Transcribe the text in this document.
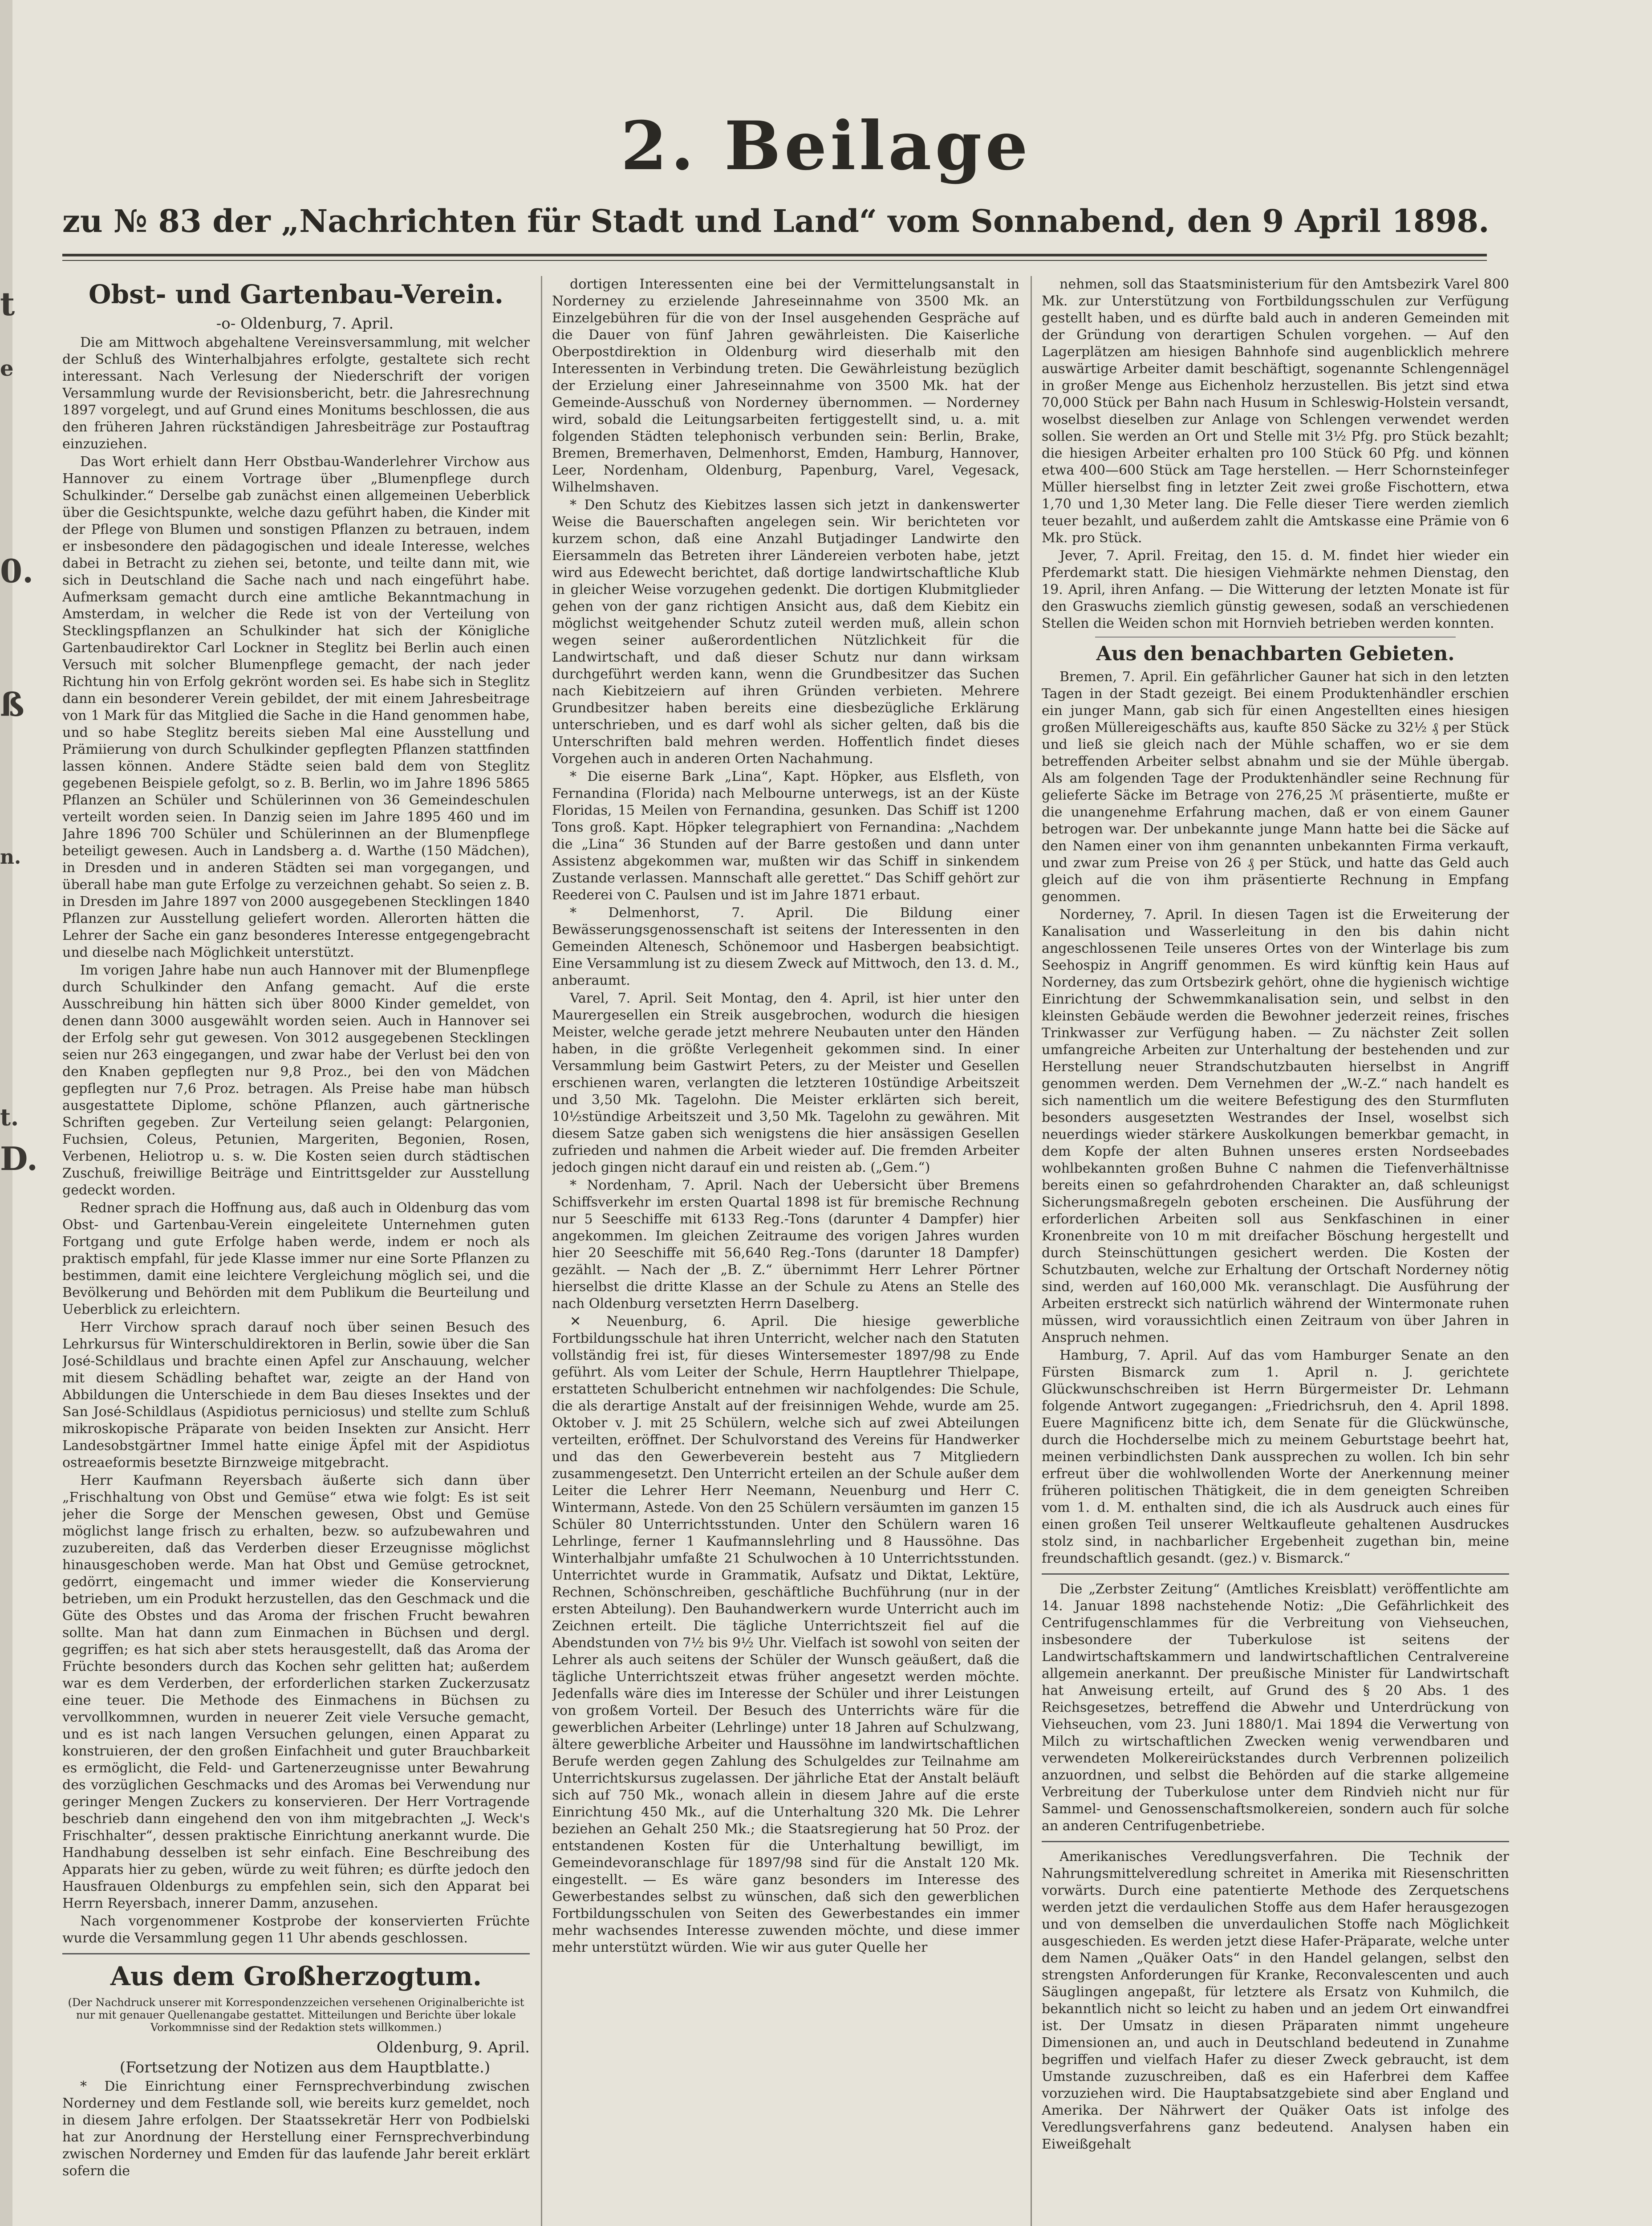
t
e
0.
ß
n.
t.
D.
2. Beilage
zu № 83 der „Nachrichten für Stadt und Land“ vom Sonnabend, den 9 April 1898.
Obst- und Gartenbau-Verein.

-o- Oldenburg, 7. April.

Die am Mittwoch abgehaltene Vereinsversammlung, mit welcher der Schluß des Winterhalbjahres erfolgte, gestaltete sich recht interessant. Nach Verlesung der Niederschrift der vorigen Versammlung wurde der Revisionsbericht, betr. die Jahresrechnung 1897 vorgelegt, und auf Grund eines Monitums beschlossen, die aus den früheren Jahren rückständigen Jahresbeiträge zur Postauftrag einzuziehen.

Das Wort erhielt dann Herr Obstbau-Wanderlehrer Virchow aus Hannover zu einem Vortrage über „Blumenpflege durch Schulkinder.“ Derselbe gab zunächst einen allgemeinen Ueberblick über die Gesichtspunkte, welche dazu geführt haben, die Kinder mit der Pflege von Blumen und sonstigen Pflanzen zu betrauen, indem er insbesondere den pädagogischen und ideale Interesse, welches dabei in Betracht zu ziehen sei, betonte, und teilte dann mit, wie sich in Deutschland die Sache nach und nach eingeführt habe. Aufmerksam gemacht durch eine amtliche Bekanntmachung in Amsterdam, in welcher die Rede ist von der Verteilung von Stecklingspflanzen an Schulkinder hat sich der Königliche Gartenbaudirektor Carl Lockner in Steglitz bei Berlin auch einen Versuch mit solcher Blumenpflege gemacht, der nach jeder Richtung hin von Erfolg gekrönt worden sei. Es habe sich in Steglitz dann ein besonderer Verein gebildet, der mit einem Jahresbeitrage von 1 Mark für das Mitglied die Sache in die Hand genommen habe, und so habe Steglitz bereits sieben Mal eine Ausstellung und Prämiierung von durch Schulkinder gepflegten Pflanzen stattfinden lassen können. Andere Städte seien bald dem von Steglitz gegebenen Beispiele gefolgt, so z. B. Berlin, wo im Jahre 1896 5865 Pflanzen an Schüler und Schülerinnen von 36 Gemeindeschulen verteilt worden seien. In Danzig seien im Jahre 1895 460 und im Jahre 1896 700 Schüler und Schülerinnen an der Blumenpflege beteiligt gewesen. Auch in Landsberg a. d. Warthe (150 Mädchen), in Dresden und in anderen Städten sei man vorgegangen, und überall habe man gute Erfolge zu verzeichnen gehabt. So seien z. B. in Dresden im Jahre 1897 von 2000 ausgegebenen Stecklingen 1840 Pflanzen zur Ausstellung geliefert worden. Allerorten hätten die Lehrer der Sache ein ganz besonderes Interesse entgegengebracht und dieselbe nach Möglichkeit unterstützt.

Im vorigen Jahre habe nun auch Hannover mit der Blumenpflege durch Schulkinder den Anfang gemacht. Auf die erste Ausschreibung hin hätten sich über 8000 Kinder gemeldet, von denen dann 3000 ausgewählt worden seien. Auch in Hannover sei der Erfolg sehr gut gewesen. Von 3012 ausgegebenen Stecklingen seien nur 263 eingegangen, und zwar habe der Verlust bei den von den Knaben gepflegten nur 9,8 Proz., bei den von Mädchen gepflegten nur 7,6 Proz. betragen. Als Preise habe man hübsch ausgestattete Diplome, schöne Pflanzen, auch gärtnerische Schriften gegeben. Zur Verteilung seien gelangt: Pelargonien, Fuchsien, Coleus, Petunien, Margeriten, Begonien, Rosen, Verbenen, Heliotrop u. s. w. Die Kosten seien durch städtischen Zuschuß, freiwillige Beiträge und Eintrittsgelder zur Ausstellung gedeckt worden.

Redner sprach die Hoffnung aus, daß auch in Oldenburg das vom Obst- und Gartenbau-Verein eingeleitete Unternehmen guten Fortgang und gute Erfolge haben werde, indem er noch als praktisch empfahl, für jede Klasse immer nur eine Sorte Pflanzen zu bestimmen, damit eine leichtere Vergleichung möglich sei, und die Bevölkerung und Behörden mit dem Publikum die Beurteilung und Ueberblick zu erleichtern.

Herr Virchow sprach darauf noch über seinen Besuch des Lehrkursus für Winterschuldirektoren in Berlin, sowie über die San José-Schildlaus und brachte einen Apfel zur Anschauung, welcher mit diesem Schädling behaftet war, zeigte an der Hand von Abbildungen die Unterschiede in dem Bau dieses Insektes und der San José-Schildlaus (Aspidiotus perniciosus) und stellte zum Schluß mikroskopische Präparate von beiden Insekten zur Ansicht. Herr Landesobstgärtner Immel hatte einige Äpfel mit der Aspidiotus ostreaeformis besetzte Birnzweige mitgebracht.

Herr Kaufmann Reyersbach äußerte sich dann über „Frischhaltung von Obst und Gemüse“ etwa wie folgt: Es ist seit jeher die Sorge der Menschen gewesen, Obst und Gemüse möglichst lange frisch zu erhalten, bezw. so aufzubewahren und zuzubereiten, daß das Verderben dieser Erzeugnisse möglichst hinausgeschoben werde. Man hat Obst und Gemüse getrocknet, gedörrt, eingemacht und immer wieder die Konservierung betrieben, um ein Produkt herzustellen, das den Geschmack und die Güte des Obstes und das Aroma der frischen Frucht bewahren sollte. Man hat dann zum Einmachen in Büchsen und dergl. gegriffen; es hat sich aber stets herausgestellt, daß das Aroma der Früchte besonders durch das Kochen sehr gelitten hat; außerdem war es dem Verderben, der erforderlichen starken Zuckerzusatz eine teuer. Die Methode des Einmachens in Büchsen zu vervollkommnen, wurden in neuerer Zeit viele Versuche gemacht, und es ist nach langen Versuchen gelungen, einen Apparat zu konstruieren, der den großen Einfachheit und guter Brauchbarkeit es ermöglicht, die Feld- und Gartenerzeugnisse unter Bewahrung des vorzüglichen Geschmacks und des Aromas bei Verwendung nur geringer Mengen Zuckers zu konservieren. Der Herr Vortragende beschrieb dann eingehend den von ihm mitgebrachten „J. Weck's Frischhalter“, dessen praktische Einrichtung anerkannt wurde. Die Handhabung desselben ist sehr einfach. Eine Beschreibung des Apparats hier zu geben, würde zu weit führen; es dürfte jedoch den Hausfrauen Oldenburgs zu empfehlen sein, sich den Apparat bei Herrn Reyersbach, innerer Damm, anzusehen.

Nach vorgenommener Kostprobe der konservierten Früchte wurde die Versammlung gegen 11 Uhr abends geschlossen.

Aus dem Großherzogtum.
(Der Nachdruck unserer mit Korrespondenzzeichen versehenen Originalberichte ist nur mit genauer Quellenangabe gestattet. Mitteilungen und Berichte über lokale Vorkommnisse sind der Redaktion stets willkommen.)

Oldenburg, 9. April.

(Fortsetzung der Notizen aus dem Hauptblatte.)

* Die Einrichtung einer Fernsprechverbindung zwischen Norderney und dem Festlande soll, wie bereits kurz gemeldet, noch in diesem Jahre erfolgen. Der Staatssekretär Herr von Podbielski hat zur Anordnung der Herstellung einer Fernsprechverbindung zwischen Norderney und Emden für das laufende Jahr bereit erklärt sofern die

dortigen Interessenten eine bei der Vermittelungsanstalt in Norderney zu erzielende Jahreseinnahme von 3500 Mk. an Einzelgebühren für die von der Insel ausgehenden Gespräche auf die Dauer von fünf Jahren gewährleisten. Die Kaiserliche Oberpostdirektion in Oldenburg wird dieserhalb mit den Interessenten in Verbindung treten. Die Gewährleistung bezüglich der Erzielung einer Jahreseinnahme von 3500 Mk. hat der Gemeinde-Ausschuß von Norderney übernommen. — Norderney wird, sobald die Leitungsarbeiten fertiggestellt sind, u. a. mit folgenden Städten telephonisch verbunden sein: Berlin, Brake, Bremen, Bremerhaven, Delmenhorst, Emden, Hamburg, Hannover, Leer, Nordenham, Oldenburg, Papenburg, Varel, Vegesack, Wilhelmshaven.

* Den Schutz des Kiebitzes lassen sich jetzt in dankenswerter Weise die Bauerschaften angelegen sein. Wir berichteten vor kurzem schon, daß eine Anzahl Butjadinger Landwirte den Eiersammeln das Betreten ihrer Ländereien verboten habe, jetzt wird aus Edewecht berichtet, daß dortige landwirtschaftliche Klub in gleicher Weise vorzugehen gedenkt. Die dortigen Klubmitglieder gehen von der ganz richtigen Ansicht aus, daß dem Kiebitz ein möglichst weitgehender Schutz zuteil werden muß, allein schon wegen seiner außerordentlichen Nützlichkeit für die Landwirtschaft, und daß dieser Schutz nur dann wirksam durchgeführt werden kann, wenn die Grundbesitzer das Suchen nach Kiebitzeiern auf ihren Gründen verbieten. Mehrere Grundbesitzer haben bereits eine diesbezügliche Erklärung unterschrieben, und es darf wohl als sicher gelten, daß bis die Unterschriften bald mehren werden. Hoffentlich findet dieses Vorgehen auch in anderen Orten Nachahmung.

* Die eiserne Bark „Lina“, Kapt. Höpker, aus Elsfleth, von Fernandina (Florida) nach Melbourne unterwegs, ist an der Küste Floridas, 15 Meilen von Fernandina, gesunken. Das Schiff ist 1200 Tons groß. Kapt. Höpker telegraphiert von Fernandina: „Nachdem die „Lina“ 36 Stunden auf der Barre gestoßen und dann unter Assistenz abgekommen war, mußten wir das Schiff in sinkendem Zustande verlassen. Mannschaft alle gerettet.“ Das Schiff gehört zur Reederei von C. Paulsen und ist im Jahre 1871 erbaut.

* Delmenhorst, 7. April. Die Bildung einer Bewässerungsgenossenschaft ist seitens der Interessenten in den Gemeinden Altenesch, Schönemoor und Hasbergen beabsichtigt. Eine Versammlung ist zu diesem Zweck auf Mittwoch, den 13. d. M., anberaumt.

Varel, 7. April. Seit Montag, den 4. April, ist hier unter den Maurergesellen ein Streik ausgebrochen, wodurch die hiesigen Meister, welche gerade jetzt mehrere Neubauten unter den Händen haben, in die größte Verlegenheit gekommen sind. In einer Versammlung beim Gastwirt Peters, zu der Meister und Gesellen erschienen waren, verlangten die letzteren 10stündige Arbeitszeit und 3,50 Mk. Tagelohn. Die Meister erklärten sich bereit, 10½stündige Arbeitszeit und 3,50 Mk. Tagelohn zu gewähren. Mit diesem Satze gaben sich wenigstens die hier ansässigen Gesellen zufrieden und nahmen die Arbeit wieder auf. Die fremden Arbeiter jedoch gingen nicht darauf ein und reisten ab. („Gem.“)

* Nordenham, 7. April. Nach der Uebersicht über Bremens Schiffsverkehr im ersten Quartal 1898 ist für bremische Rechnung nur 5 Seeschiffe mit 6133 Reg.-Tons (darunter 4 Dampfer) hier angekommen. Im gleichen Zeitraume des vorigen Jahres wurden hier 20 Seeschiffe mit 56,640 Reg.-Tons (darunter 18 Dampfer) gezählt. — Nach der „B. Z.“ übernimmt Herr Lehrer Pörtner hierselbst die dritte Klasse an der Schule zu Atens an Stelle des nach Oldenburg versetzten Herrn Daselberg.

✕ Neuenburg, 6. April. Die hiesige gewerbliche Fortbildungsschule hat ihren Unterricht, welcher nach den Statuten vollständig frei ist, für dieses Wintersemester 1897/98 zu Ende geführt. Als vom Leiter der Schule, Herrn Hauptlehrer Thielpape, erstatteten Schulbericht entnehmen wir nachfolgendes: Die Schule, die als derartige Anstalt auf der freisinnigen Wehde, wurde am 25. Oktober v. J. mit 25 Schülern, welche sich auf zwei Abteilungen verteilten, eröffnet. Der Schulvorstand des Vereins für Handwerker und das den Gewerbeverein besteht aus 7 Mitgliedern zusammengesetzt. Den Unterricht erteilen an der Schule außer dem Leiter die Lehrer Herr Neemann, Neuenburg und Herr C. Wintermann, Astede. Von den 25 Schülern versäumten im ganzen 15 Schüler 80 Unterrichtsstunden. Unter den Schülern waren 16 Lehrlinge, ferner 1 Kaufmannslehrling und 8 Haussöhne. Das Winterhalbjahr umfaßte 21 Schulwochen à 10 Unterrichtsstunden. Unterrichtet wurde in Grammatik, Aufsatz und Diktat, Lektüre, Rechnen, Schönschreiben, geschäftliche Buchführung (nur in der ersten Abteilung). Den Bauhandwerkern wurde Unterricht auch im Zeichnen erteilt. Die tägliche Unterrichtszeit fiel auf die Abendstunden von 7½ bis 9½ Uhr. Vielfach ist sowohl von seiten der Lehrer als auch seitens der Schüler der Wunsch geäußert, daß die tägliche Unterrichtszeit etwas früher angesetzt werden möchte. Jedenfalls wäre dies im Interesse der Schüler und ihrer Leistungen von großem Vorteil. Der Besuch des Unterrichts wäre für die gewerblichen Arbeiter (Lehrlinge) unter 18 Jahren auf Schulzwang, ältere gewerbliche Arbeiter und Haussöhne im landwirtschaftlichen Berufe werden gegen Zahlung des Schulgeldes zur Teilnahme am Unterrichtskursus zugelassen. Der jährliche Etat der Anstalt beläuft sich auf 750 Mk., wonach allein in diesem Jahre auf die erste Einrichtung 450 Mk., auf die Unterhaltung 320 Mk. Die Lehrer beziehen an Gehalt 250 Mk.; die Staatsregierung hat 50 Proz. der entstandenen Kosten für die Unterhaltung bewilligt, im Gemeindevoranschlage für 1897/98 sind für die Anstalt 120 Mk. eingestellt. — Es wäre ganz besonders im Interesse des Gewerbestandes selbst zu wünschen, daß sich den gewerblichen Fortbildungsschulen von Seiten des Gewerbestandes ein immer mehr wachsendes Interesse zuwenden möchte, und diese immer mehr unterstützt würden. Wie wir aus guter Quelle her

nehmen, soll das Staatsministerium für den Amtsbezirk Varel 800 Mk. zur Unterstützung von Fortbildungsschulen zur Verfügung gestellt haben, und es dürfte bald auch in anderen Gemeinden mit der Gründung von derartigen Schulen vorgehen. — Auf den Lagerplätzen am hiesigen Bahnhofe sind augenblicklich mehrere auswärtige Arbeiter damit beschäftigt, sogenannte Schlengennägel in großer Menge aus Eichenholz herzustellen. Bis jetzt sind etwa 70,000 Stück per Bahn nach Husum in Schleswig-Holstein versandt, woselbst dieselben zur Anlage von Schlengen verwendet werden sollen. Sie werden an Ort und Stelle mit 3½ Pfg. pro Stück bezahlt; die hiesigen Arbeiter erhalten pro 100 Stück 60 Pfg. und können etwa 400—600 Stück am Tage herstellen. — Herr Schornsteinfeger Müller hierselbst fing in letzter Zeit zwei große Fischottern, etwa 1,70 und 1,30 Meter lang. Die Felle dieser Tiere werden ziemlich teuer bezahlt, und außerdem zahlt die Amtskasse eine Prämie von 6 Mk. pro Stück.

Jever, 7. April. Freitag, den 15. d. M. findet hier wieder ein Pferdemarkt statt. Die hiesigen Viehmärkte nehmen Dienstag, den 19. April, ihren Anfang. — Die Witterung der letzten Monate ist für den Graswuchs ziemlich günstig gewesen, sodaß an verschiedenen Stellen die Weiden schon mit Hornvieh betrieben werden konnten.

Aus den benachbarten Gebieten.

Bremen, 7. April. Ein gefährlicher Gauner hat sich in den letzten Tagen in der Stadt gezeigt. Bei einem Produktenhändler erschien ein junger Mann, gab sich für einen Angestellten eines hiesigen großen Müllereigeschäfts aus, kaufte 850 Säcke zu 32½ ₰ per Stück und ließ sie gleich nach der Mühle schaffen, wo er sie dem betreffenden Arbeiter selbst abnahm und sie der Mühle übergab. Als am folgenden Tage der Produktenhändler seine Rechnung für gelieferte Säcke im Betrage von 276,25 ℳ präsentierte, mußte er die unangenehme Erfahrung machen, daß er von einem Gauner betrogen war. Der unbekannte junge Mann hatte bei die Säcke auf den Namen einer von ihm genannten unbekannten Firma verkauft, und zwar zum Preise von 26 ₰ per Stück, und hatte das Geld auch gleich auf die von ihm präsentierte Rechnung in Empfang genommen.

Norderney, 7. April. In diesen Tagen ist die Erweiterung der Kanalisation und Wasserleitung in den bis dahin nicht angeschlossenen Teile unseres Ortes von der Winterlage bis zum Seehospiz in Angriff genommen. Es wird künftig kein Haus auf Norderney, das zum Ortsbezirk gehört, ohne die hygienisch wichtige Einrichtung der Schwemmkanalisation sein, und selbst in den kleinsten Gebäude werden die Bewohner jederzeit reines, frisches Trinkwasser zur Verfügung haben. — Zu nächster Zeit sollen umfangreiche Arbeiten zur Unterhaltung der bestehenden und zur Herstellung neuer Strandschutzbauten hierselbst in Angriff genommen werden. Dem Vernehmen der „W.-Z.“ nach handelt es sich namentlich um die weitere Befestigung des den Sturmfluten besonders ausgesetzten Westrandes der Insel, woselbst sich neuerdings wieder stärkere Auskolkungen bemerkbar gemacht, in dem Kopfe der alten Buhnen unseres ersten Nordseebades wohlbekannten großen Buhne C nahmen die Tiefenverhältnisse bereits einen so gefahrdrohenden Charakter an, daß schleunigst Sicherungsmaßregeln geboten erscheinen. Die Ausführung der erforderlichen Arbeiten soll aus Senkfaschinen in einer Kronenbreite von 10 m mit dreifacher Böschung hergestellt und durch Steinschüttungen gesichert werden. Die Kosten der Schutzbauten, welche zur Erhaltung der Ortschaft Norderney nötig sind, werden auf 160,000 Mk. veranschlagt. Die Ausführung der Arbeiten erstreckt sich natürlich während der Wintermonate ruhen müssen, wird voraussichtlich einen Zeitraum von über Jahren in Anspruch nehmen.

Hamburg, 7. April. Auf das vom Hamburger Senate an den Fürsten Bismarck zum 1. April n. J. gerichtete Glückwunschschreiben ist Herrn Bürgermeister Dr. Lehmann folgende Antwort zugegangen: „Friedrichsruh, den 4. April 1898. Euere Magnificenz bitte ich, dem Senate für die Glückwünsche, durch die Hochderselbe mich zu meinem Geburtstage beehrt hat, meinen verbindlichsten Dank aussprechen zu wollen. Ich bin sehr erfreut über die wohlwollenden Worte der Anerkennung meiner früheren politischen Thätigkeit, die in dem geneigten Schreiben vom 1. d. M. enthalten sind, die ich als Ausdruck auch eines für einen großen Teil unserer Weltkaufleute gehaltenen Ausdruckes stolz sind, in nachbarlicher Ergebenheit zugethan bin, meine freundschaftlich gesandt. (gez.) v. Bismarck.“

Die „Zerbster Zeitung“ (Amtliches Kreisblatt) veröffentlichte am 14. Januar 1898 nachstehende Notiz: „Die Gefährlichkeit des Centrifugenschlammes für die Verbreitung von Viehseuchen, insbesondere der Tuberkulose ist seitens der Landwirtschaftskammern und landwirtschaftlichen Centralvereine allgemein anerkannt. Der preußische Minister für Landwirtschaft hat Anweisung erteilt, auf Grund des § 20 Abs. 1 des Reichsgesetzes, betreffend die Abwehr und Unterdrückung von Viehseuchen, vom 23. Juni 1880/1. Mai 1894 die Verwertung von Milch zu wirtschaftlichen Zwecken wenig verwendbaren und verwendeten Molkereirückstandes durch Verbrennen polizeilich anzuordnen, und selbst die Behörden auf die starke allgemeine Verbreitung der Tuberkulose unter dem Rindvieh nicht nur für Sammel- und Genossenschaftsmolkereien, sondern auch für solche an anderen Centrifugenbetriebe.

Amerikanisches Veredlungsverfahren. Die Technik der Nahrungsmittelveredlung schreitet in Amerika mit Riesenschritten vorwärts. Durch eine patentierte Methode des Zerquetschens werden jetzt die verdaulichen Stoffe aus dem Hafer herausgezogen und von demselben die unverdaulichen Stoffe nach Möglichkeit ausgeschieden. Es werden jetzt diese Hafer-Präparate, welche unter dem Namen „Quäker Oats“ in den Handel gelangen, selbst den strengsten Anforderungen für Kranke, Reconvalescenten und auch Säuglingen angepaßt, für letztere als Ersatz von Kuhmilch, die bekanntlich nicht so leicht zu haben und an jedem Ort einwandfrei ist. Der Umsatz in diesen Präparaten nimmt ungeheure Dimensionen an, und auch in Deutschland bedeutend in Zunahme begriffen und vielfach Hafer zu dieser Zweck gebraucht, ist dem Umstande zuzuschreiben, daß es ein Haferbrei dem Kaffee vorzuziehen wird. Die Hauptabsatzgebiete sind aber England und Amerika. Der Nährwert der Quäker Oats ist infolge des Veredlungsverfahrens ganz bedeutend. Analysen haben ein Eiweißgehalt
